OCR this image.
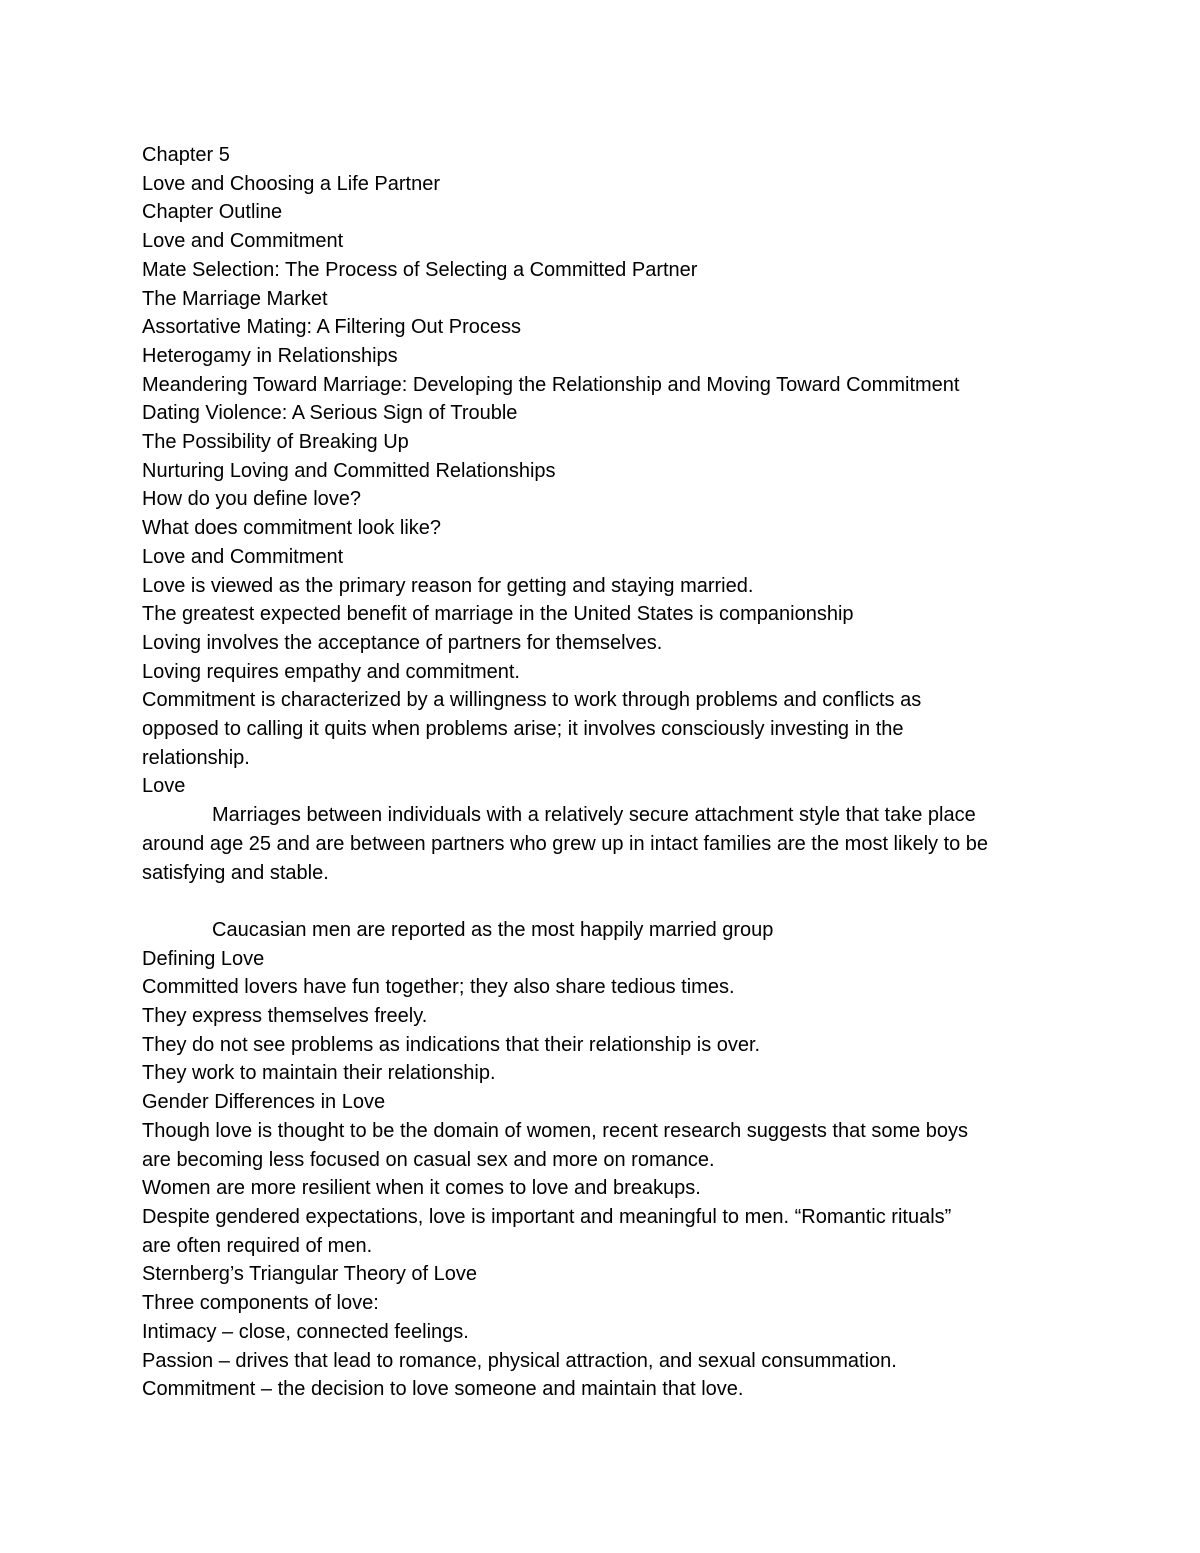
Chapter 5
Love and Choosing a Life Partner
Chapter Outline
Love and Commitment
Mate Selection: The Process of Selecting a Committed Partner
The Marriage Market
Assortative Mating: A Filtering Out Process
Heterogamy in Relationships
Meandering Toward Marriage: Developing the Relationship and Moving Toward Commitment
Dating Violence: A Serious Sign of Trouble
The Possibility of Breaking Up
Nurturing Loving and Committed Relationships
How do you define love?
What does commitment look like?
Love and Commitment
Love is viewed as the primary reason for getting and staying married.
The greatest expected benefit of marriage in the United States is companionship
Loving involves the acceptance of partners for themselves.
Loving requires empathy and commitment.
Commitment is characterized by a willingness to work through problems and conflicts as
opposed to calling it quits when problems arise; it involves consciously investing in the
relationship.
Love
Marriages between individuals with a relatively secure attachment style that take place
around age 25 and are between partners who grew up in intact families are the most likely to be
satisfying and stable.
Caucasian men are reported as the most happily married group
Defining Love
Committed lovers have fun together; they also share tedious times.
They express themselves freely.
They do not see problems as indications that their relationship is over.
They work to maintain their relationship.
Gender Differences in Love
Though love is thought to be the domain of women, recent research suggests that some boys
are becoming less focused on casual sex and more on romance.
Women are more resilient when it comes to love and breakups.
Despite gendered expectations, love is important and meaningful to men. “Romantic rituals”
are often required of men.
Sternberg’s Triangular Theory of Love
Three components of love:
Intimacy – close, connected feelings.
Passion – drives that lead to romance, physical attraction, and sexual consummation.
Commitment – the decision to love someone and maintain that love.
